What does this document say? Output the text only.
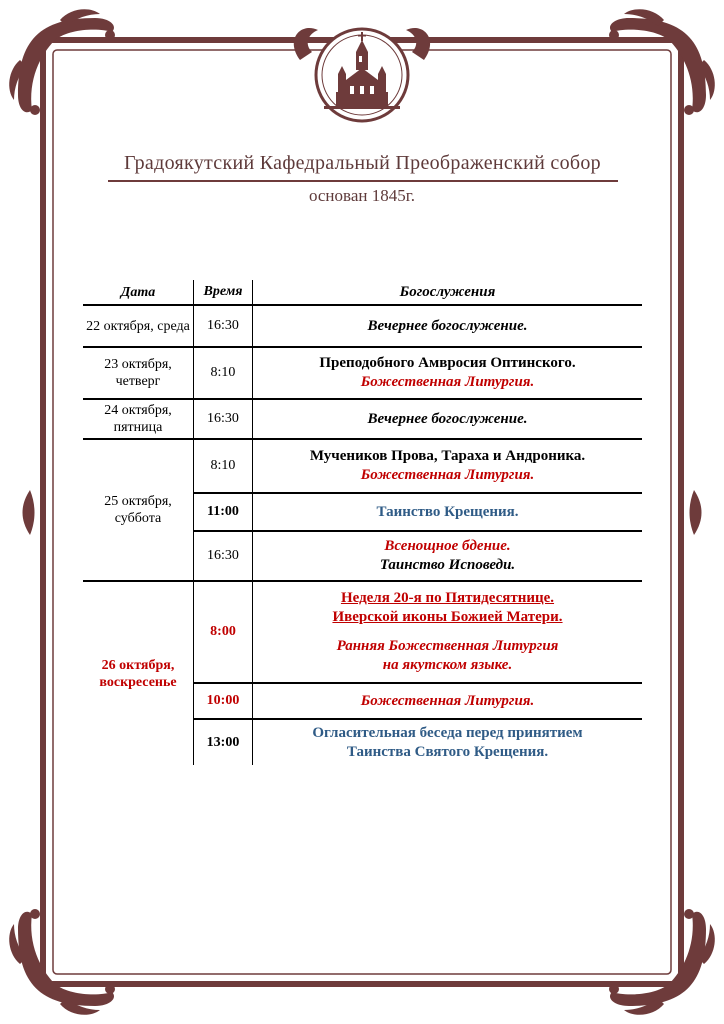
Градоякутский Кафедральный Преображенский собор
основан 1845г.
Дата	Время	Богослужения
22 октября, среда	16:30	Вечернее богослужение.
23 октября, четверг	8:10	Преподобного Амвросия Оптинского.
Божественная Литургия.

24 октября, пятница	16:30	Вечернее богослужение.
25 октября, суббота	8:10	Мучеников Прова, Тараха и Андроника.
Божественная Литургия.

	11:00	Таинство Крещения.
	16:30	Всенощное бдение.
Таинство Исповеди.

26 октября, воскресенье	8:00	Неделя 20-я по Пятидесятнице.
Иверской иконы Божией Матери.
Ранняя Божественная Литургия
на якутском языке.

	10:00	Божественная Литургия.
	13:00	Огласительная беседа перед принятием
Таинства Святого Крещения.
